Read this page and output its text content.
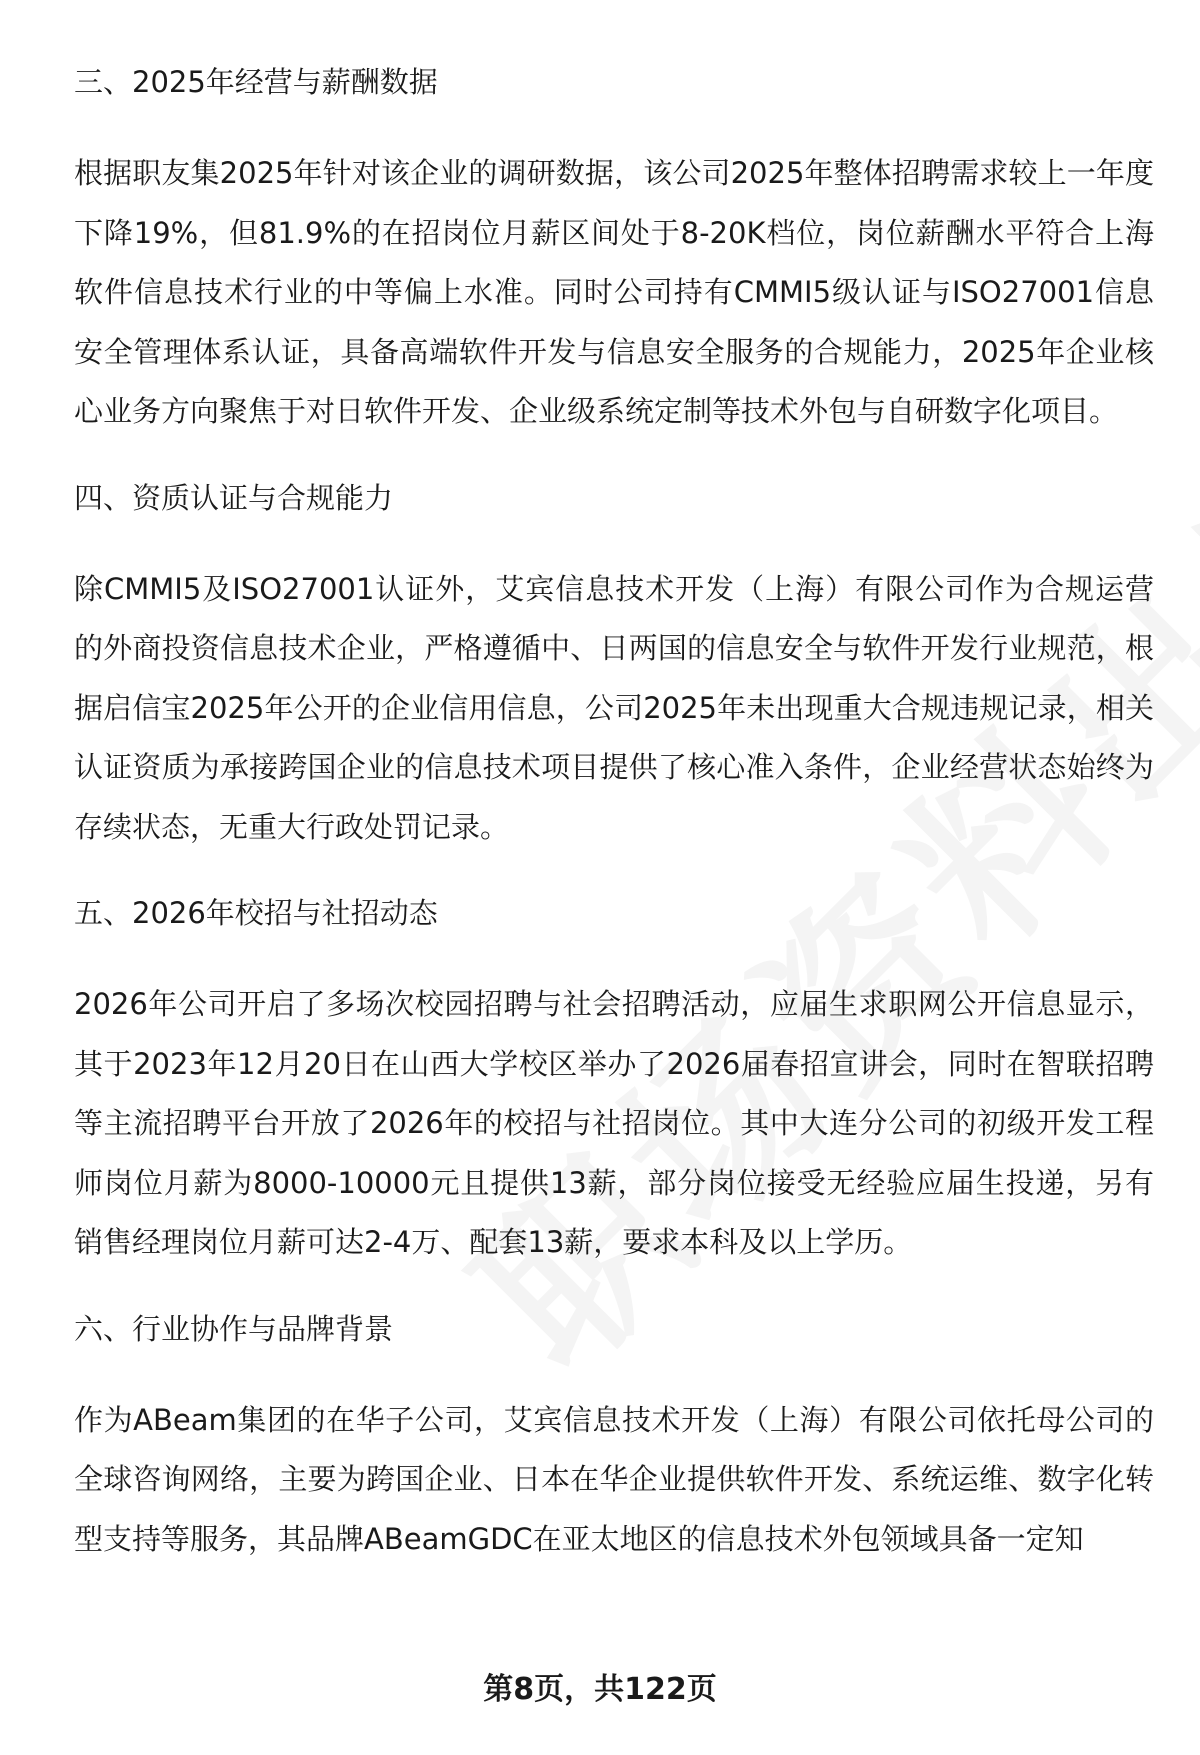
三、2025年经营与薪酬数据

根据职友集2025年针对该企业的调研数据，该公司2025年整体招聘需求较上一年度下降19%，但81.9%的在招岗位月薪区间处于8-20K档位，岗位薪酬水平符合上海软件信息技术行业的中等偏上水准。同时公司持有CMMI5级认证与ISO27001信息安全管理体系认证，具备高端软件开发与信息安全服务的合规能力，2025年企业核心业务方向聚焦于对日软件开发、企业级系统定制等技术外包与自研数字化项目。

四、资质认证与合规能力

除CMMI5及ISO27001认证外，艾宾信息技术开发（上海）有限公司作为合规运营的外商投资信息技术企业，严格遵循中、日两国的信息安全与软件开发行业规范，根据启信宝2025年公开的企业信用信息，公司2025年未出现重大合规违规记录，相关认证资质为承接跨国企业的信息技术项目提供了核心准入条件，企业经营状态始终为存续状态，无重大行政处罚记录。

五、2026年校招与社招动态

2026年公司开启了多场次校园招聘与社会招聘活动，应届生求职网公开信息显示，其于2023年12月20日在山西大学校区举办了2026届春招宣讲会，同时在智联招聘等主流招聘平台开放了2026年的校招与社招岗位。其中大连分公司的初级开发工程师岗位月薪为8000-10000元且提供13薪，部分岗位接受无经验应届生投递，另有销售经理岗位月薪可达2-4万、配套13薪，要求本科及以上学历。

六、行业协作与品牌背景

作为ABeam集团的在华子公司，艾宾信息技术开发（上海）有限公司依托母公司的全球咨询网络，主要为跨国企业、日本在华企业提供软件开发、系统运维、数字化转型支持等服务，其品牌ABeamGDC在亚太地区的信息技术外包领域具备一定知

第8页，共122页
